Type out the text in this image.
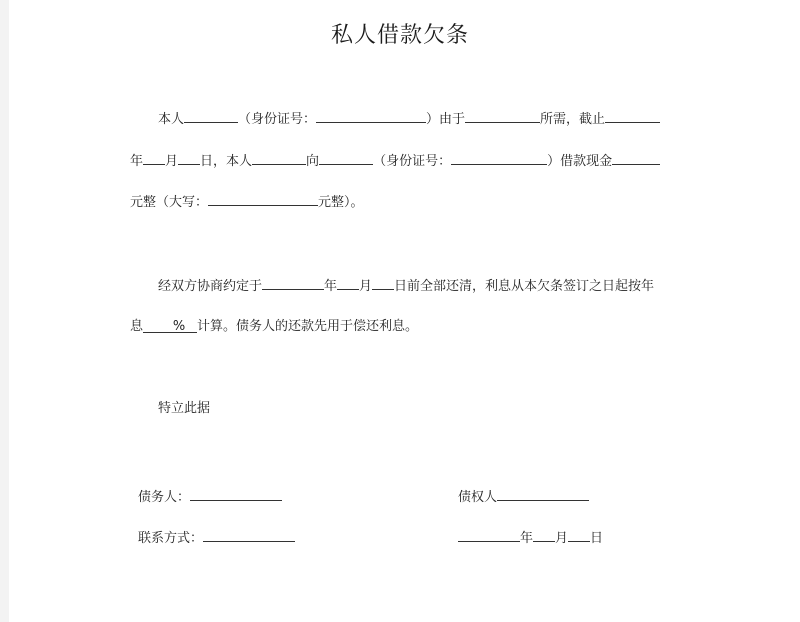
私人借款欠条
本人	（身份证号：	）由于	所需，截止
年 月 日，本人	向	（身份证号：	）借款现金
元整（大写：	元整）。
经双方协商约定于	年 月 日前全部还清，利息从本欠条签订之日起按年
息 % 计算。债务人的还款先用于偿还利息。
特立此据
债务人：	债权人
联系方式：	年 月 日
